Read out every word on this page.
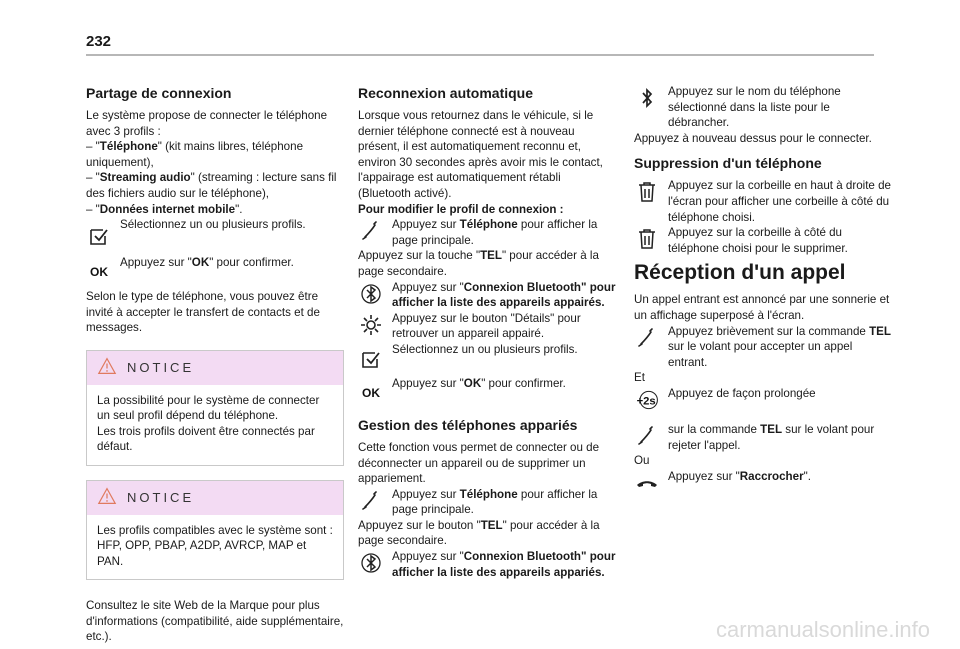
232
Partage de connexion

Le système propose de connecter le téléphone avec 3 profils :

– "Téléphone" (kit mains libres, téléphone uniquement),

– "Streaming audio" (streaming : lecture sans fil des fichiers audio sur le téléphone),

– "Données internet mobile".

Sélectionnez un ou plusieurs profils.
OK
Appuyez sur "OK" pour confirmer.

Selon le type de téléphone, vous pouvez être invité à accepter le transfert de contacts et de messages.

NOTICE
La possibilité pour le système de connecter un seul profil dépend du téléphone.
Les trois profils doivent être connectés par défaut.
NOTICE
Les profils compatibles avec le système sont : HFP, OPP, PBAP, A2DP, AVRCP, MAP et PAN.

Consultez le site Web de la Marque pour plus d'informations (compatibilité, aide supplémentaire, etc.).

Reconnexion automatique

Lorsque vous retournez dans le véhicule, si le dernier téléphone connecté est à nouveau présent, il est automatiquement reconnu et, environ 30 secondes après avoir mis le contact, l'appairage est automatiquement rétabli (Bluetooth activé).

Pour modifier le profil de connexion :

Appuyez sur Téléphone pour afficher la page principale.

Appuyez sur la touche "TEL" pour accéder à la page secondaire.

Appuyez sur "Connexion Bluetooth" pour afficher la liste des appareils appairés.
Appuyez sur le bouton "Détails" pour retrouver un appareil appairé.
Sélectionnez un ou plusieurs profils.
OK
Appuyez sur "OK" pour confirmer.
Gestion des téléphones appariés

Cette fonction vous permet de connecter ou de déconnecter un appareil ou de supprimer un appariement.

Appuyez sur Téléphone pour afficher la page principale.

Appuyez sur le bouton "TEL" pour accéder à la page secondaire.

Appuyez sur "Connexion Bluetooth" pour afficher la liste des appareils appariés.
Appuyez sur le nom du téléphone sélectionné dans la liste pour le débrancher.

Appuyez à nouveau dessus pour le connecter.

Suppression d'un téléphone
Appuyez sur la corbeille en haut à droite de l'écran pour afficher une corbeille à côté du téléphone choisi.
Appuyez sur la corbeille à côté du téléphone choisi pour le supprimer.
Réception d'un appel

Un appel entrant est annoncé par une sonnerie et un affichage superposé à l'écran.

Appuyez brièvement sur la commande TEL sur le volant pour accepter un appel entrant.

Et

+2s
Appuyez de façon prolongée
sur la commande TEL sur le volant pour rejeter l'appel.

Ou

Appuyez sur "Raccrocher".
carmanualsonline.info
